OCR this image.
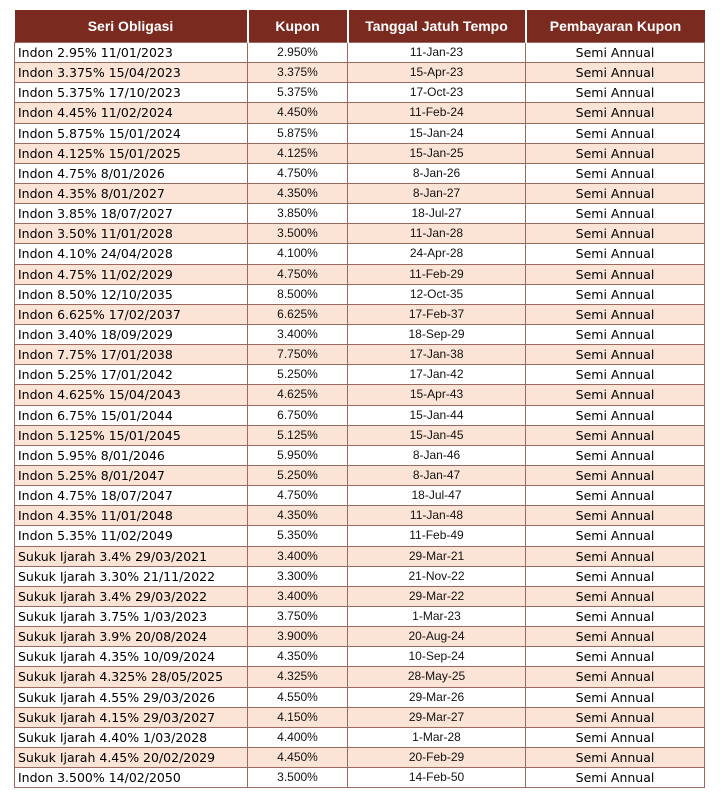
Seri Obligasi	Kupon	Tanggal Jatuh Tempo	Pembayaran Kupon
Indon 2.95% 11/01/2023	2.950%	11-Jan-23	Semi Annual
Indon 3.375% 15/04/2023	3.375%	15-Apr-23	Semi Annual
Indon 5.375% 17/10/2023	5.375%	17-Oct-23	Semi Annual
Indon 4.45% 11/02/2024	4.450%	11-Feb-24	Semi Annual
Indon 5.875% 15/01/2024	5.875%	15-Jan-24	Semi Annual
Indon 4.125% 15/01/2025	4.125%	15-Jan-25	Semi Annual
Indon 4.75% 8/01/2026	4.750%	8-Jan-26	Semi Annual
Indon 4.35% 8/01/2027	4.350%	8-Jan-27	Semi Annual
Indon 3.85% 18/07/2027	3.850%	18-Jul-27	Semi Annual
Indon 3.50% 11/01/2028	3.500%	11-Jan-28	Semi Annual
Indon 4.10% 24/04/2028	4.100%	24-Apr-28	Semi Annual
Indon 4.75% 11/02/2029	4.750%	11-Feb-29	Semi Annual
Indon 8.50% 12/10/2035	8.500%	12-Oct-35	Semi Annual
Indon 6.625% 17/02/2037	6.625%	17-Feb-37	Semi Annual
Indon 3.40% 18/09/2029	3.400%	18-Sep-29	Semi Annual
Indon 7.75% 17/01/2038	7.750%	17-Jan-38	Semi Annual
Indon 5.25% 17/01/2042	5.250%	17-Jan-42	Semi Annual
Indon 4.625% 15/04/2043	4.625%	15-Apr-43	Semi Annual
Indon 6.75% 15/01/2044	6.750%	15-Jan-44	Semi Annual
Indon 5.125% 15/01/2045	5.125%	15-Jan-45	Semi Annual
Indon 5.95% 8/01/2046	5.950%	8-Jan-46	Semi Annual
Indon 5.25% 8/01/2047	5.250%	8-Jan-47	Semi Annual
Indon 4.75% 18/07/2047	4.750%	18-Jul-47	Semi Annual
Indon 4.35% 11/01/2048	4.350%	11-Jan-48	Semi Annual
Indon 5.35% 11/02/2049	5.350%	11-Feb-49	Semi Annual
Sukuk Ijarah 3.4% 29/03/2021	3.400%	29-Mar-21	Semi Annual
Sukuk Ijarah 3.30% 21/11/2022	3.300%	21-Nov-22	Semi Annual
Sukuk Ijarah 3.4% 29/03/2022	3.400%	29-Mar-22	Semi Annual
Sukuk Ijarah 3.75% 1/03/2023	3.750%	1-Mar-23	Semi Annual
Sukuk Ijarah 3.9% 20/08/2024	3.900%	20-Aug-24	Semi Annual
Sukuk Ijarah 4.35% 10/09/2024	4.350%	10-Sep-24	Semi Annual
Sukuk Ijarah 4.325% 28/05/2025	4.325%	28-May-25	Semi Annual
Sukuk Ijarah 4.55% 29/03/2026	4.550%	29-Mar-26	Semi Annual
Sukuk Ijarah 4.15% 29/03/2027	4.150%	29-Mar-27	Semi Annual
Sukuk Ijarah 4.40% 1/03/2028	4.400%	1-Mar-28	Semi Annual
Sukuk Ijarah 4.45% 20/02/2029	4.450%	20-Feb-29	Semi Annual
Indon 3.500% 14/02/2050	3.500%	14-Feb-50	Semi Annual
